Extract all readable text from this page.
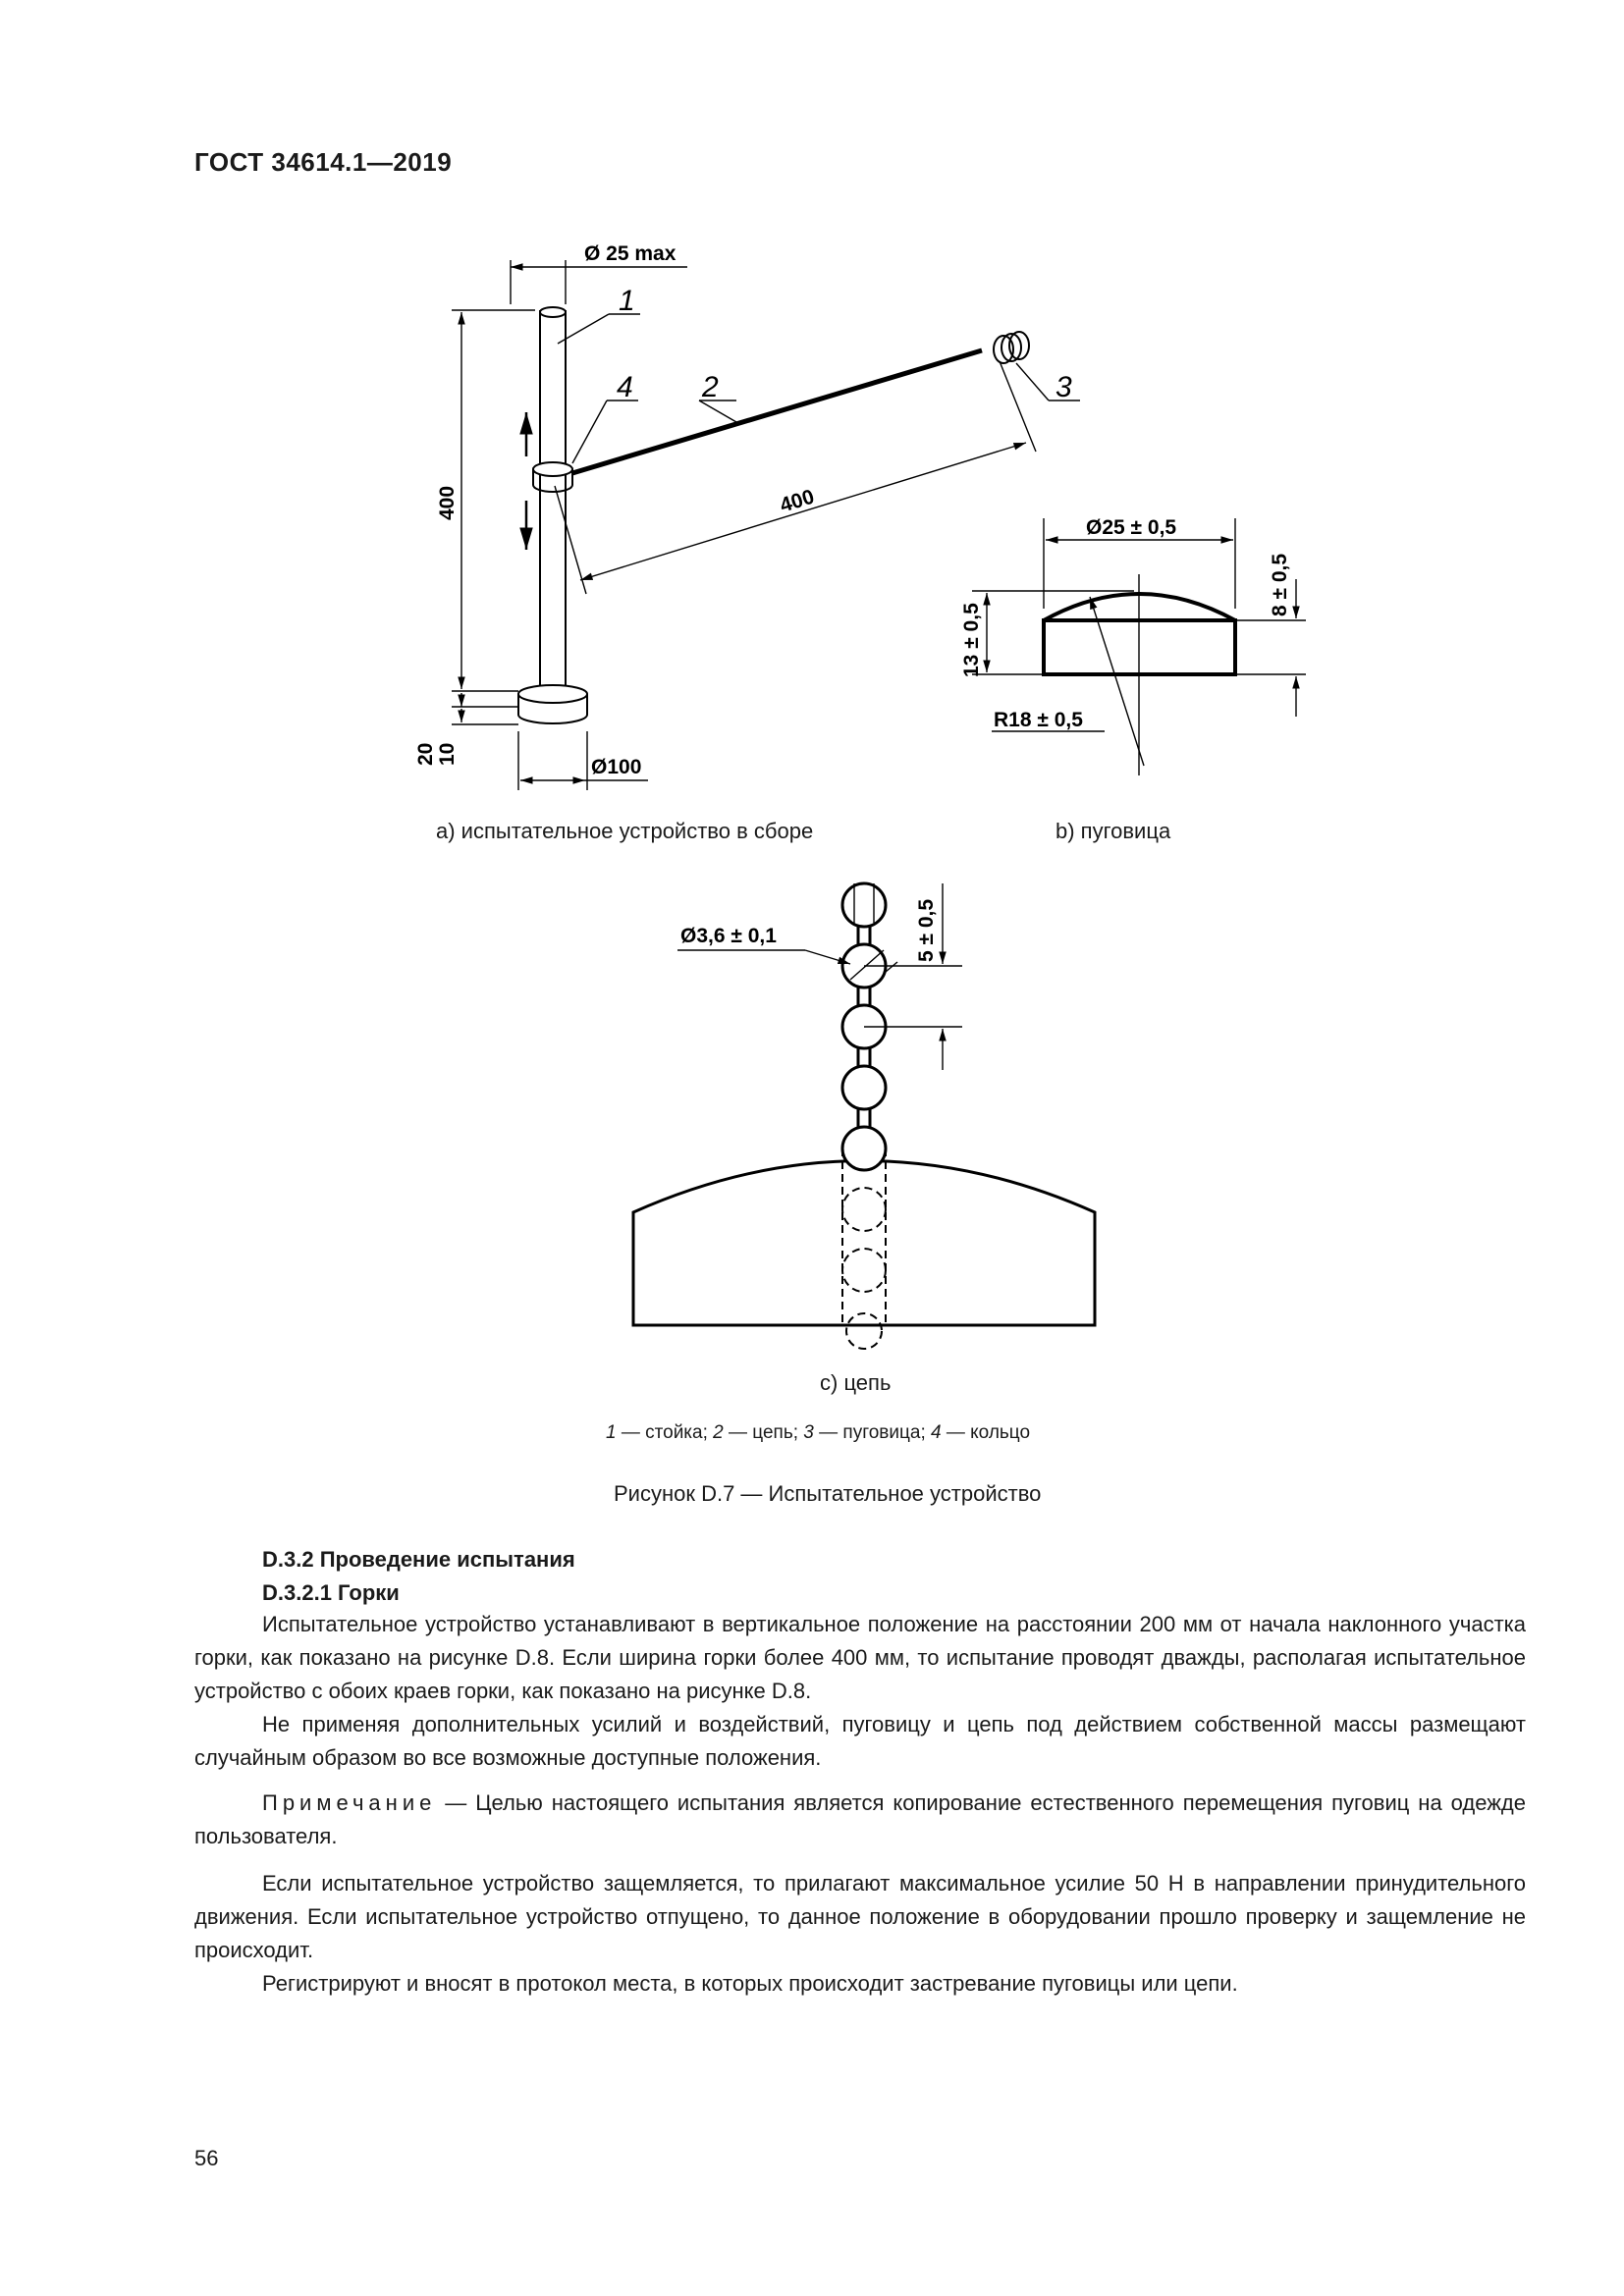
ГОСТ 34614.1—2019
Ø 25 max
400	400
20 10
Ø100
1
2	3
4
Ø25 ± 0,5
13 ± 0,5
8 ± 0,5
R18 ± 0,5
a) испытательное устройство в сборе	b) пуговица
Ø3,6 ± 0,1	5 ± 0,5
c) цепь
1 — стойка; 2 — цепь; 3 — пуговица; 4 — кольцо
Рисунок D.7 — Испытательное устройство
D.3.2 Проведение испытания
D.3.2.1 Горки

Испытательное устройство устанавливают в вертикальное положение на расстоянии 200 мм от начала наклонного участка горки, как показано на рисунке D.8. Если ширина горки более 400 мм, то испытание проводят дважды, располагая испытательное устройство с обоих краев горки, как показано на рисунке D.8.

Не применяя дополнительных усилий и воздействий, пуговицу и цепь под действием собственной массы размещают случайным образом во все возможные доступные положения.

Примечание — Целью настоящего испытания является копирование естественного перемещения пуговиц на одежде пользователя.

Если испытательное устройство защемляется, то прилагают максимальное усилие 50 Н в направлении принудительного движения. Если испытательное устройство отпущено, то данное положение в оборудовании прошло проверку и защемление не происходит.

Регистрируют и вносят в протокол места, в которых происходит застревание пуговицы или цепи.

56
